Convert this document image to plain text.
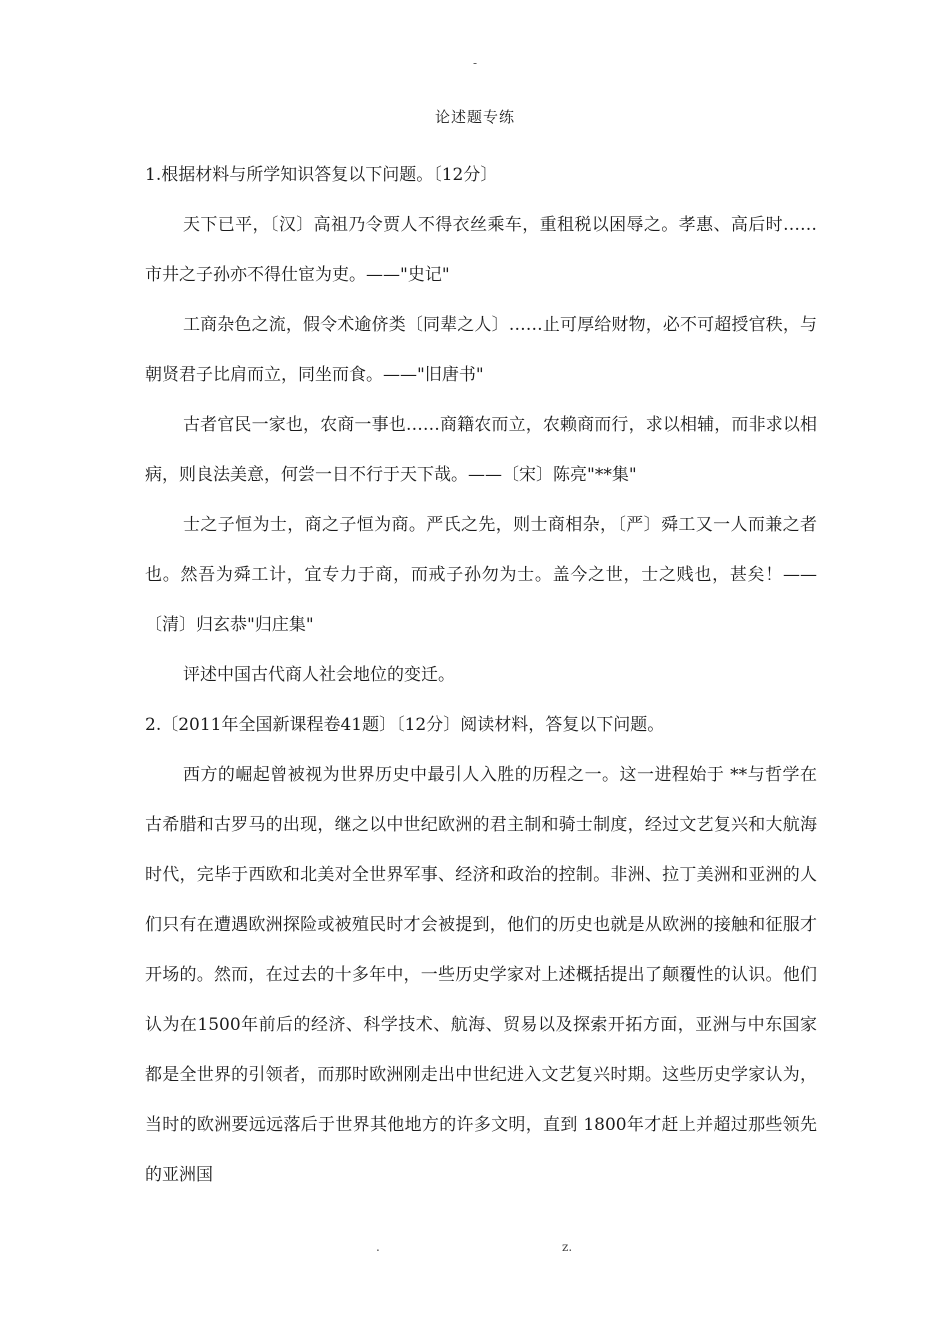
-
论述题专练

1.根据材料与所学知识答复以下问题。〔12分〕

天下已平，〔汉〕高祖乃令贾人不得衣丝乘车，重租税以困辱之。孝惠、高后时……市井之子孙亦不得仕宦为吏。——"史记"

工商杂色之流，假令术逾侪类〔同辈之人〕……止可厚给财物，必不可超授官秩，与朝贤君子比肩而立，同坐而食。——"旧唐书"

古者官民一家也，农商一事也……商籍农而立，农赖商而行，求以相辅，而非求以相病，则良法美意，何尝一日不行于天下哉。——〔宋〕陈亮"**集"

士之子恒为士，商之子恒为商。严氏之先，则士商相杂，〔严〕舜工又一人而兼之者也。然吾为舜工计，宜专力于商，而戒子孙勿为士。盖今之世，士之贱也，甚矣！——〔清〕归玄恭"归庄集"

评述中国古代商人社会地位的变迁。

2.〔2011年全国新课程卷41题〕〔12分〕阅读材料，答复以下问题。

西方的崛起曾被视为世界历史中最引人入胜的历程之一。这一进程始于 **与哲学在古希腊和古罗马的出现，继之以中世纪欧洲的君主制和骑士制度，经过文艺复兴和大航海时代，完毕于西欧和北美对全世界军事、经济和政治的控制。非洲、拉丁美洲和亚洲的人们只有在遭遇欧洲探险或被殖民时才会被提到，他们的历史也就是从欧洲的接触和征服才开场的。然而，在过去的十多年中，一些历史学家对上述概括提出了颠覆性的认识。他们认为在1500年前后的经济、科学技术、航海、贸易以及探索开拓方面，亚洲与中东国家都是全世界的引领者，而那时欧洲刚走出中世纪进入文艺复兴时期。这些历史学家认为，当时的欧洲要远远落后于世界其他地方的许多文明，直到 1800年才赶上并超过那些领先的亚洲国

.	z.
